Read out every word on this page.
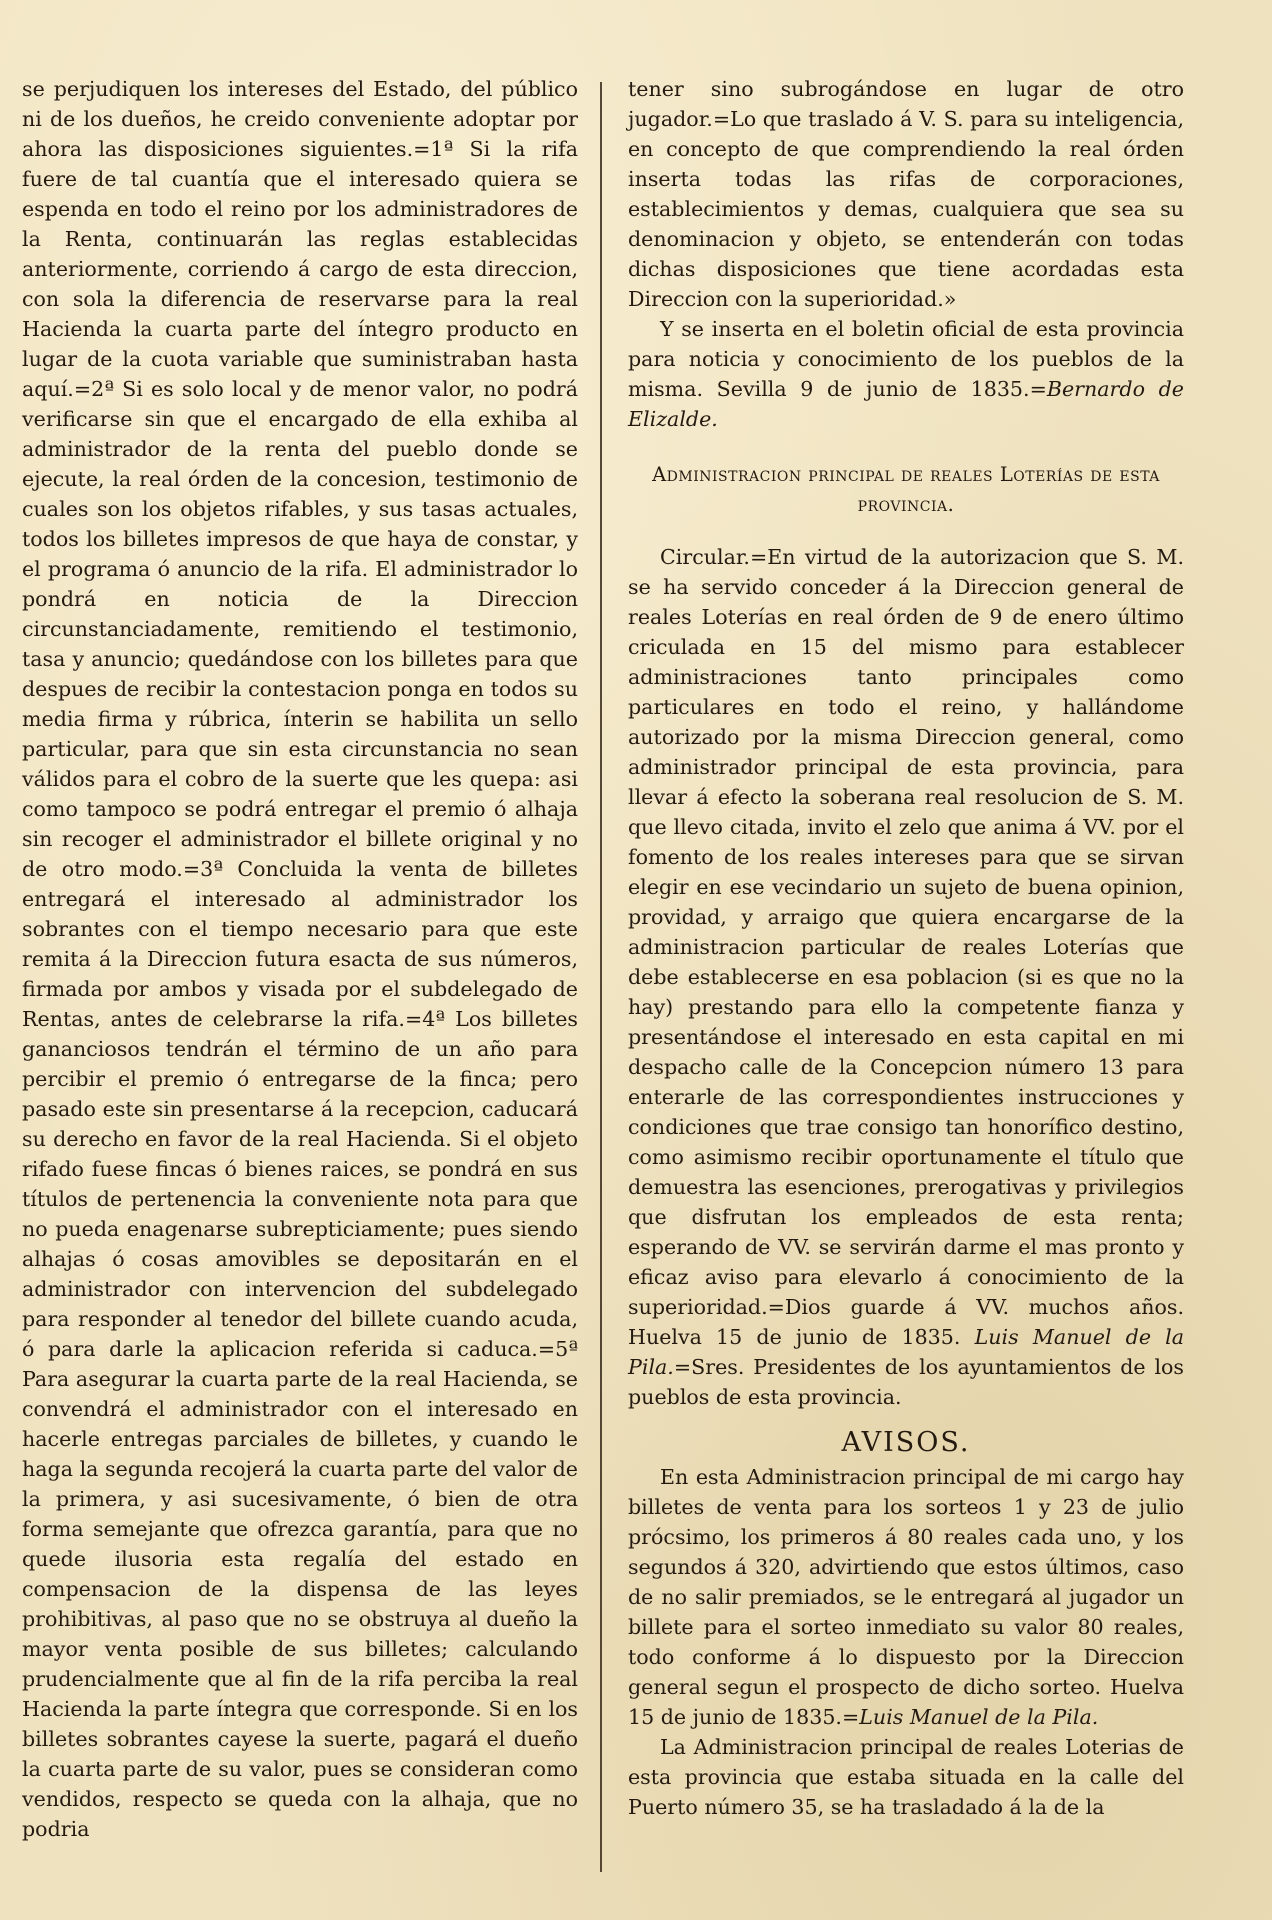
se perjudiquen los intereses del Estado, del público ni de los dueños, he creido conveniente adoptar por ahora las disposiciones siguientes.=1ª Si la rifa fuere de tal cuantía que el interesado quiera se espenda en todo el reino por los administradores de la Renta, continuarán las reglas establecidas anteriormente, corriendo á cargo de esta direccion, con sola la diferencia de reservarse para la real Hacienda la cuarta parte del íntegro producto en lugar de la cuota variable que suministraban hasta aquí.=2ª Si es solo local y de menor valor, no podrá verificarse sin que el encargado de ella exhiba al administrador de la renta del pueblo donde se ejecute, la real órden de la concesion, testimonio de cuales son los objetos rifables, y sus tasas actuales, todos los billetes impresos de que haya de constar, y el programa ó anuncio de la rifa. El administrador lo pondrá en noticia de la Direccion circunstanciadamente, remitiendo el testimonio, tasa y anuncio; quedándose con los billetes para que despues de recibir la contestacion ponga en todos su media firma y rúbrica, ínterin se habilita un sello particular, para que sin esta circunstancia no sean válidos para el cobro de la suerte que les quepa: asi como tampoco se podrá entregar el premio ó alhaja sin recoger el administrador el billete original y no de otro modo.=3ª Concluida la venta de billetes entregará el interesado al administrador los sobrantes con el tiempo necesario para que este remita á la Direccion futura esacta de sus números, firmada por ambos y visada por el subdelegado de Rentas, antes de celebrarse la rifa.=4ª Los billetes gananciosos tendrán el término de un año para percibir el premio ó entregarse de la finca; pero pasado este sin presentarse á la recepcion, caducará su derecho en favor de la real Hacienda. Si el objeto rifado fuese fincas ó bienes raices, se pondrá en sus títulos de pertenencia la conveniente nota para que no pueda enagenarse subrepticiamente; pues siendo alhajas ó cosas amovibles se depositarán en el administrador con intervencion del subdelegado para responder al tenedor del billete cuando acuda, ó para darle la aplicacion referida si caduca.=5ª Para asegurar la cuarta parte de la real Hacienda, se convendrá el administrador con el interesado en hacerle entregas parciales de billetes, y cuando le haga la segunda recojerá la cuarta parte del valor de la primera, y asi sucesivamente, ó bien de otra forma semejante que ofrezca garantía, para que no quede ilusoria esta regalía del estado en compensacion de la dispensa de las leyes prohibitivas, al paso que no se obstruya al dueño la mayor venta posible de sus billetes; calculando prudencialmente que al fin de la rifa perciba la real Hacienda la parte íntegra que corresponde. Si en los billetes sobrantes cayese la suerte, pagará el dueño la cuarta parte de su valor, pues se consideran como vendidos, respecto se queda con la alhaja, que no podria

tener sino subrogándose en lugar de otro jugador.=Lo que traslado á V. S. para su inteligencia, en concepto de que comprendiendo la real órden inserta todas las rifas de corporaciones, establecimientos y demas, cualquiera que sea su denominacion y objeto, se entenderán con todas dichas disposiciones que tiene acordadas esta Direccion con la superioridad.»

Y se inserta en el boletin oficial de esta provincia para noticia y conocimiento de los pueblos de la misma. Sevilla 9 de junio de 1835.=Bernardo de Elizalde.

Administracion principal de reales Loterías de esta provincia.

Circular.=En virtud de la autorizacion que S. M. se ha servido conceder á la Direccion general de reales Loterías en real órden de 9 de enero último criculada en 15 del mismo para establecer administraciones tanto principales como particulares en todo el reino, y hallándome autorizado por la misma Direccion general, como administrador principal de esta provincia, para llevar á efecto la soberana real resolucion de S. M. que llevo citada, invito el zelo que anima á VV. por el fomento de los reales intereses para que se sirvan elegir en ese vecindario un sujeto de buena opinion, providad, y arraigo que quiera encargarse de la administracion particular de reales Loterías que debe establecerse en esa poblacion (si es que no la hay) prestando para ello la competente fianza y presentándose el interesado en esta capital en mi despacho calle de la Concepcion número 13 para enterarle de las correspondientes instrucciones y condiciones que trae consigo tan honorífico destino, como asimismo recibir oportunamente el título que demuestra las esenciones, prerogativas y privilegios que disfrutan los empleados de esta renta; esperando de VV. se servirán darme el mas pronto y eficaz aviso para elevarlo á conocimiento de la superioridad.=Dios guarde á VV. muchos años. Huelva 15 de junio de 1835. Luis Manuel de la Pila.=Sres. Presidentes de los ayuntamientos de los pueblos de esta provincia.

AVISOS.

En esta Administracion principal de mi cargo hay billetes de venta para los sorteos 1 y 23 de julio prócsimo, los primeros á 80 reales cada uno, y los segundos á 320, advirtiendo que estos últimos, caso de no salir premiados, se le entregará al jugador un billete para el sorteo inmediato su valor 80 reales, todo conforme á lo dispuesto por la Direccion general segun el prospecto de dicho sorteo. Huelva 15 de junio de 1835.=Luis Manuel de la Pila.

La Administracion principal de reales Loterias de esta provincia que estaba situada en la calle del Puerto número 35, se ha trasladado á la de la
